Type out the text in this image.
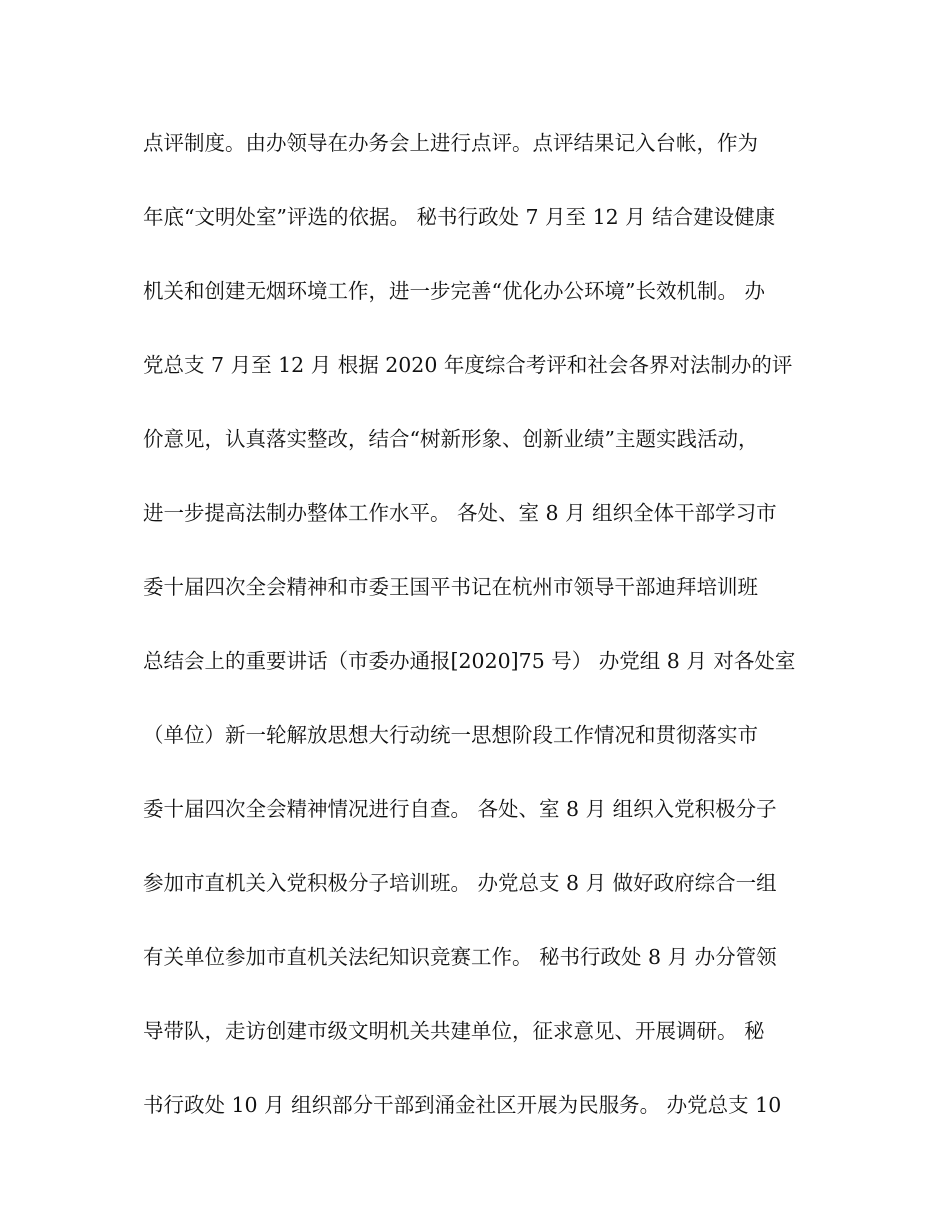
点评制度。由办领导在办务会上进行点评。点评结果记入台帐，作为
年底“文明处室”评选的依据。 秘书行政处 7 月至 12 月 结合建设健康
机关和创建无烟环境工作，进一步完善“优化办公环境”长效机制。 办
党总支 7 月至 12 月 根据 2020 年度综合考评和社会各界对法制办的评
价意见，认真落实整改，结合“树新形象、创新业绩”主题实践活动，
进一步提高法制办整体工作水平。 各处、室 8 月 组织全体干部学习市
委十届四次全会精神和市委王国平书记在杭州市领导干部迪拜培训班
总结会上的重要讲话（市委办通报[2020]75 号） 办党组 8 月 对各处室
（单位）新一轮解放思想大行动统一思想阶段工作情况和贯彻落实市
委十届四次全会精神情况进行自查。 各处、室 8 月 组织入党积极分子
参加市直机关入党积极分子培训班。 办党总支 8 月 做好政府综合一组
有关单位参加市直机关法纪知识竞赛工作。 秘书行政处 8 月 办分管领
导带队，走访创建市级文明机关共建单位，征求意见、开展调研。 秘
书行政处 10 月 组织部分干部到涌金社区开展为民服务。 办党总支 10
